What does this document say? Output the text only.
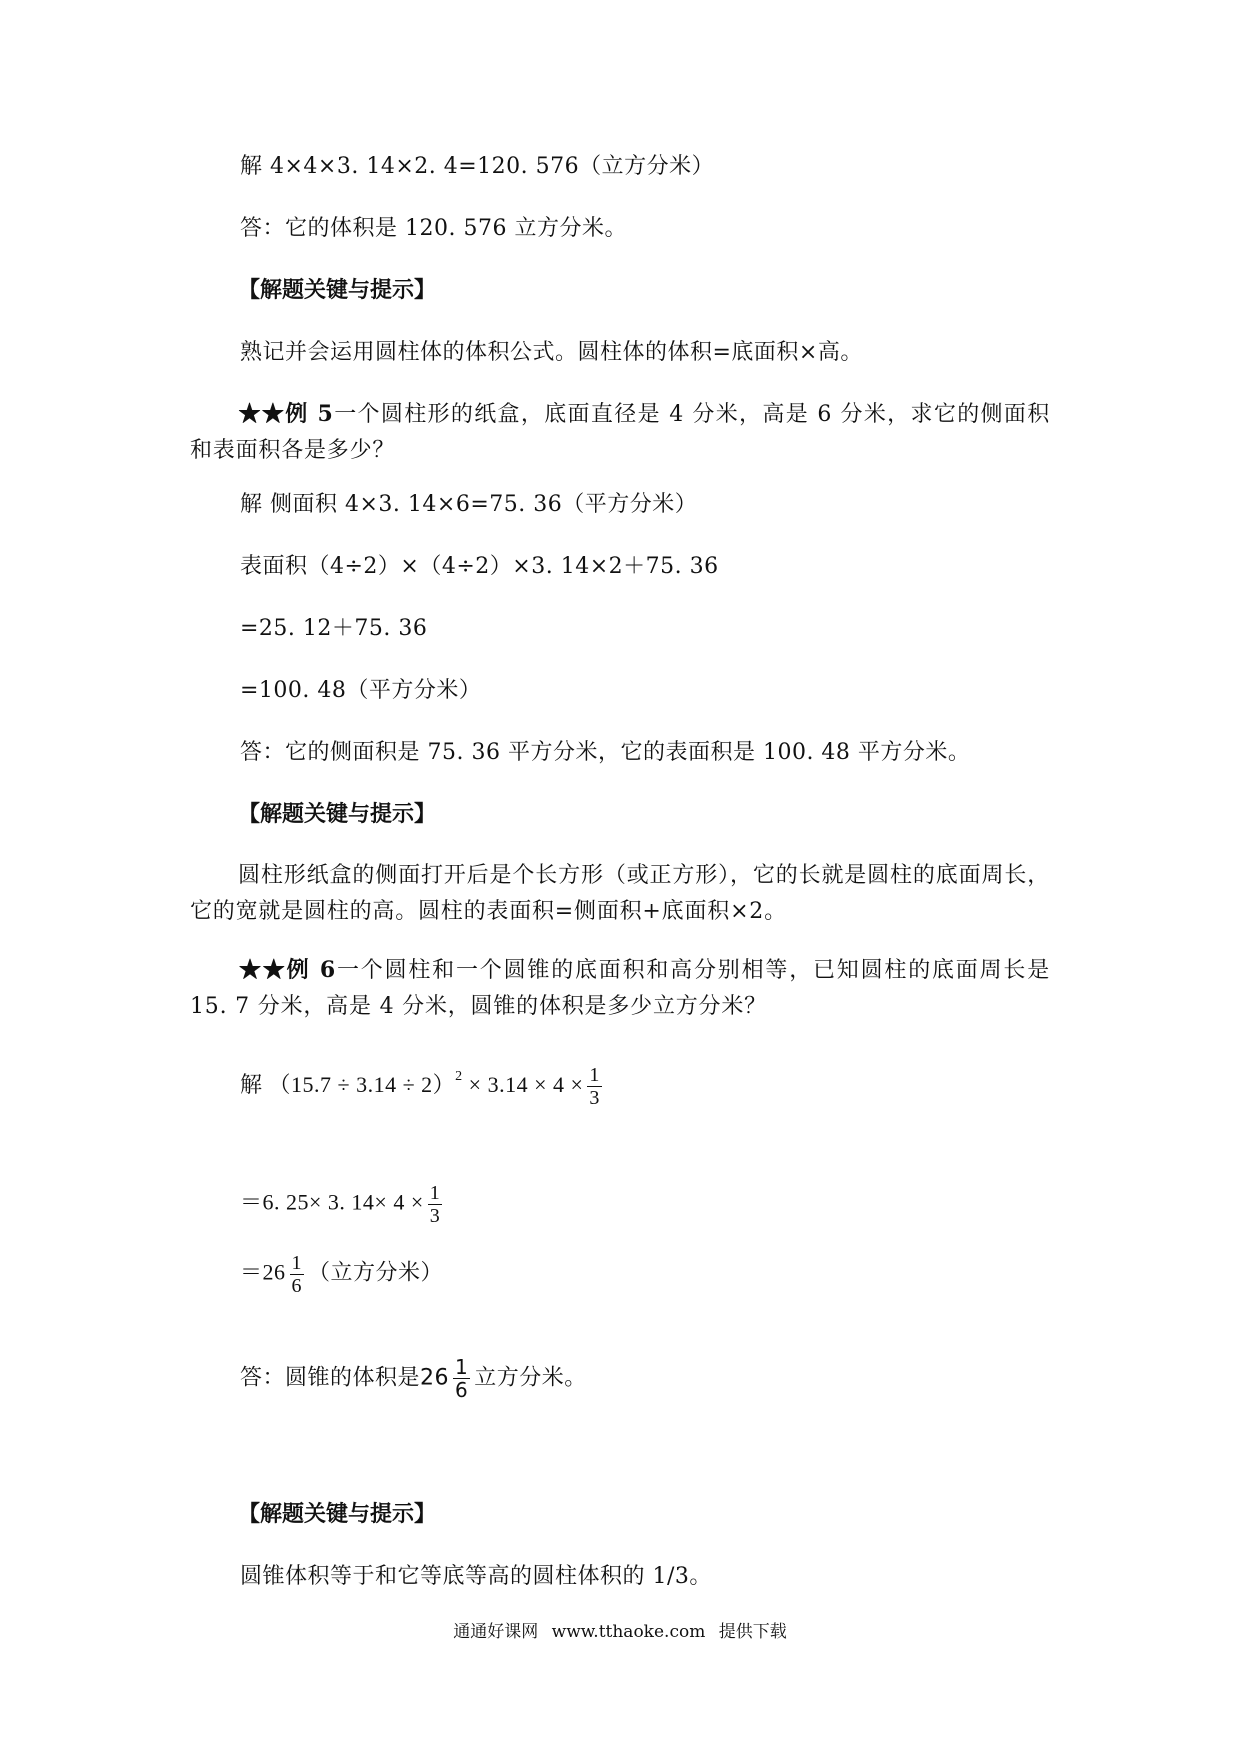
解 4×4×3. 14×2. 4=120. 576（立方分米）
答：它的体积是 120. 576 立方分米。
【解题关键与提示】
熟记并会运用圆柱体的体积公式。圆柱体的体积=底面积×高。
★★例 5一个圆柱形的纸盒，底面直径是 4 分米，高是 6 分米，求它的侧面积和表面积各是多少？
解 侧面积 4×3. 14×6=75. 36（平方分米）
表面积（4÷2）×（4÷2）×3. 14×2＋75. 36
=25. 12＋75. 36
=100. 48（平方分米）
答：它的侧面积是 75. 36 平方分米，它的表面积是 100. 48 平方分米。
【解题关键与提示】
圆柱形纸盒的侧面打开后是个长方形（或正方形），它的长就是圆柱的底面周长，它的宽就是圆柱的高。圆柱的表面积=侧面积+底面积×2。
★★例 6一个圆柱和一个圆锥的底面积和高分别相等，已知圆柱的底面周长是 15. 7 分米，高是 4 分米，圆锥的体积是多少立方分米？
解 $(15.7 \div 3.14 \div 2)^2 \times 3.14 \times 4 \times \frac{1}{3}$
＝6. 25× 3. $14\times 4 \times \frac{1}{3}$
$=26 \frac{1}{6}$ （立方分米）
答：圆锥的体积是$26 \frac{1}{6}$ 立方分米。
【解题关键与提示】
圆锥体积等于和它等底等高的圆柱体积的 1/3。
通通好课网 www.tthaoke.com 提供下载
